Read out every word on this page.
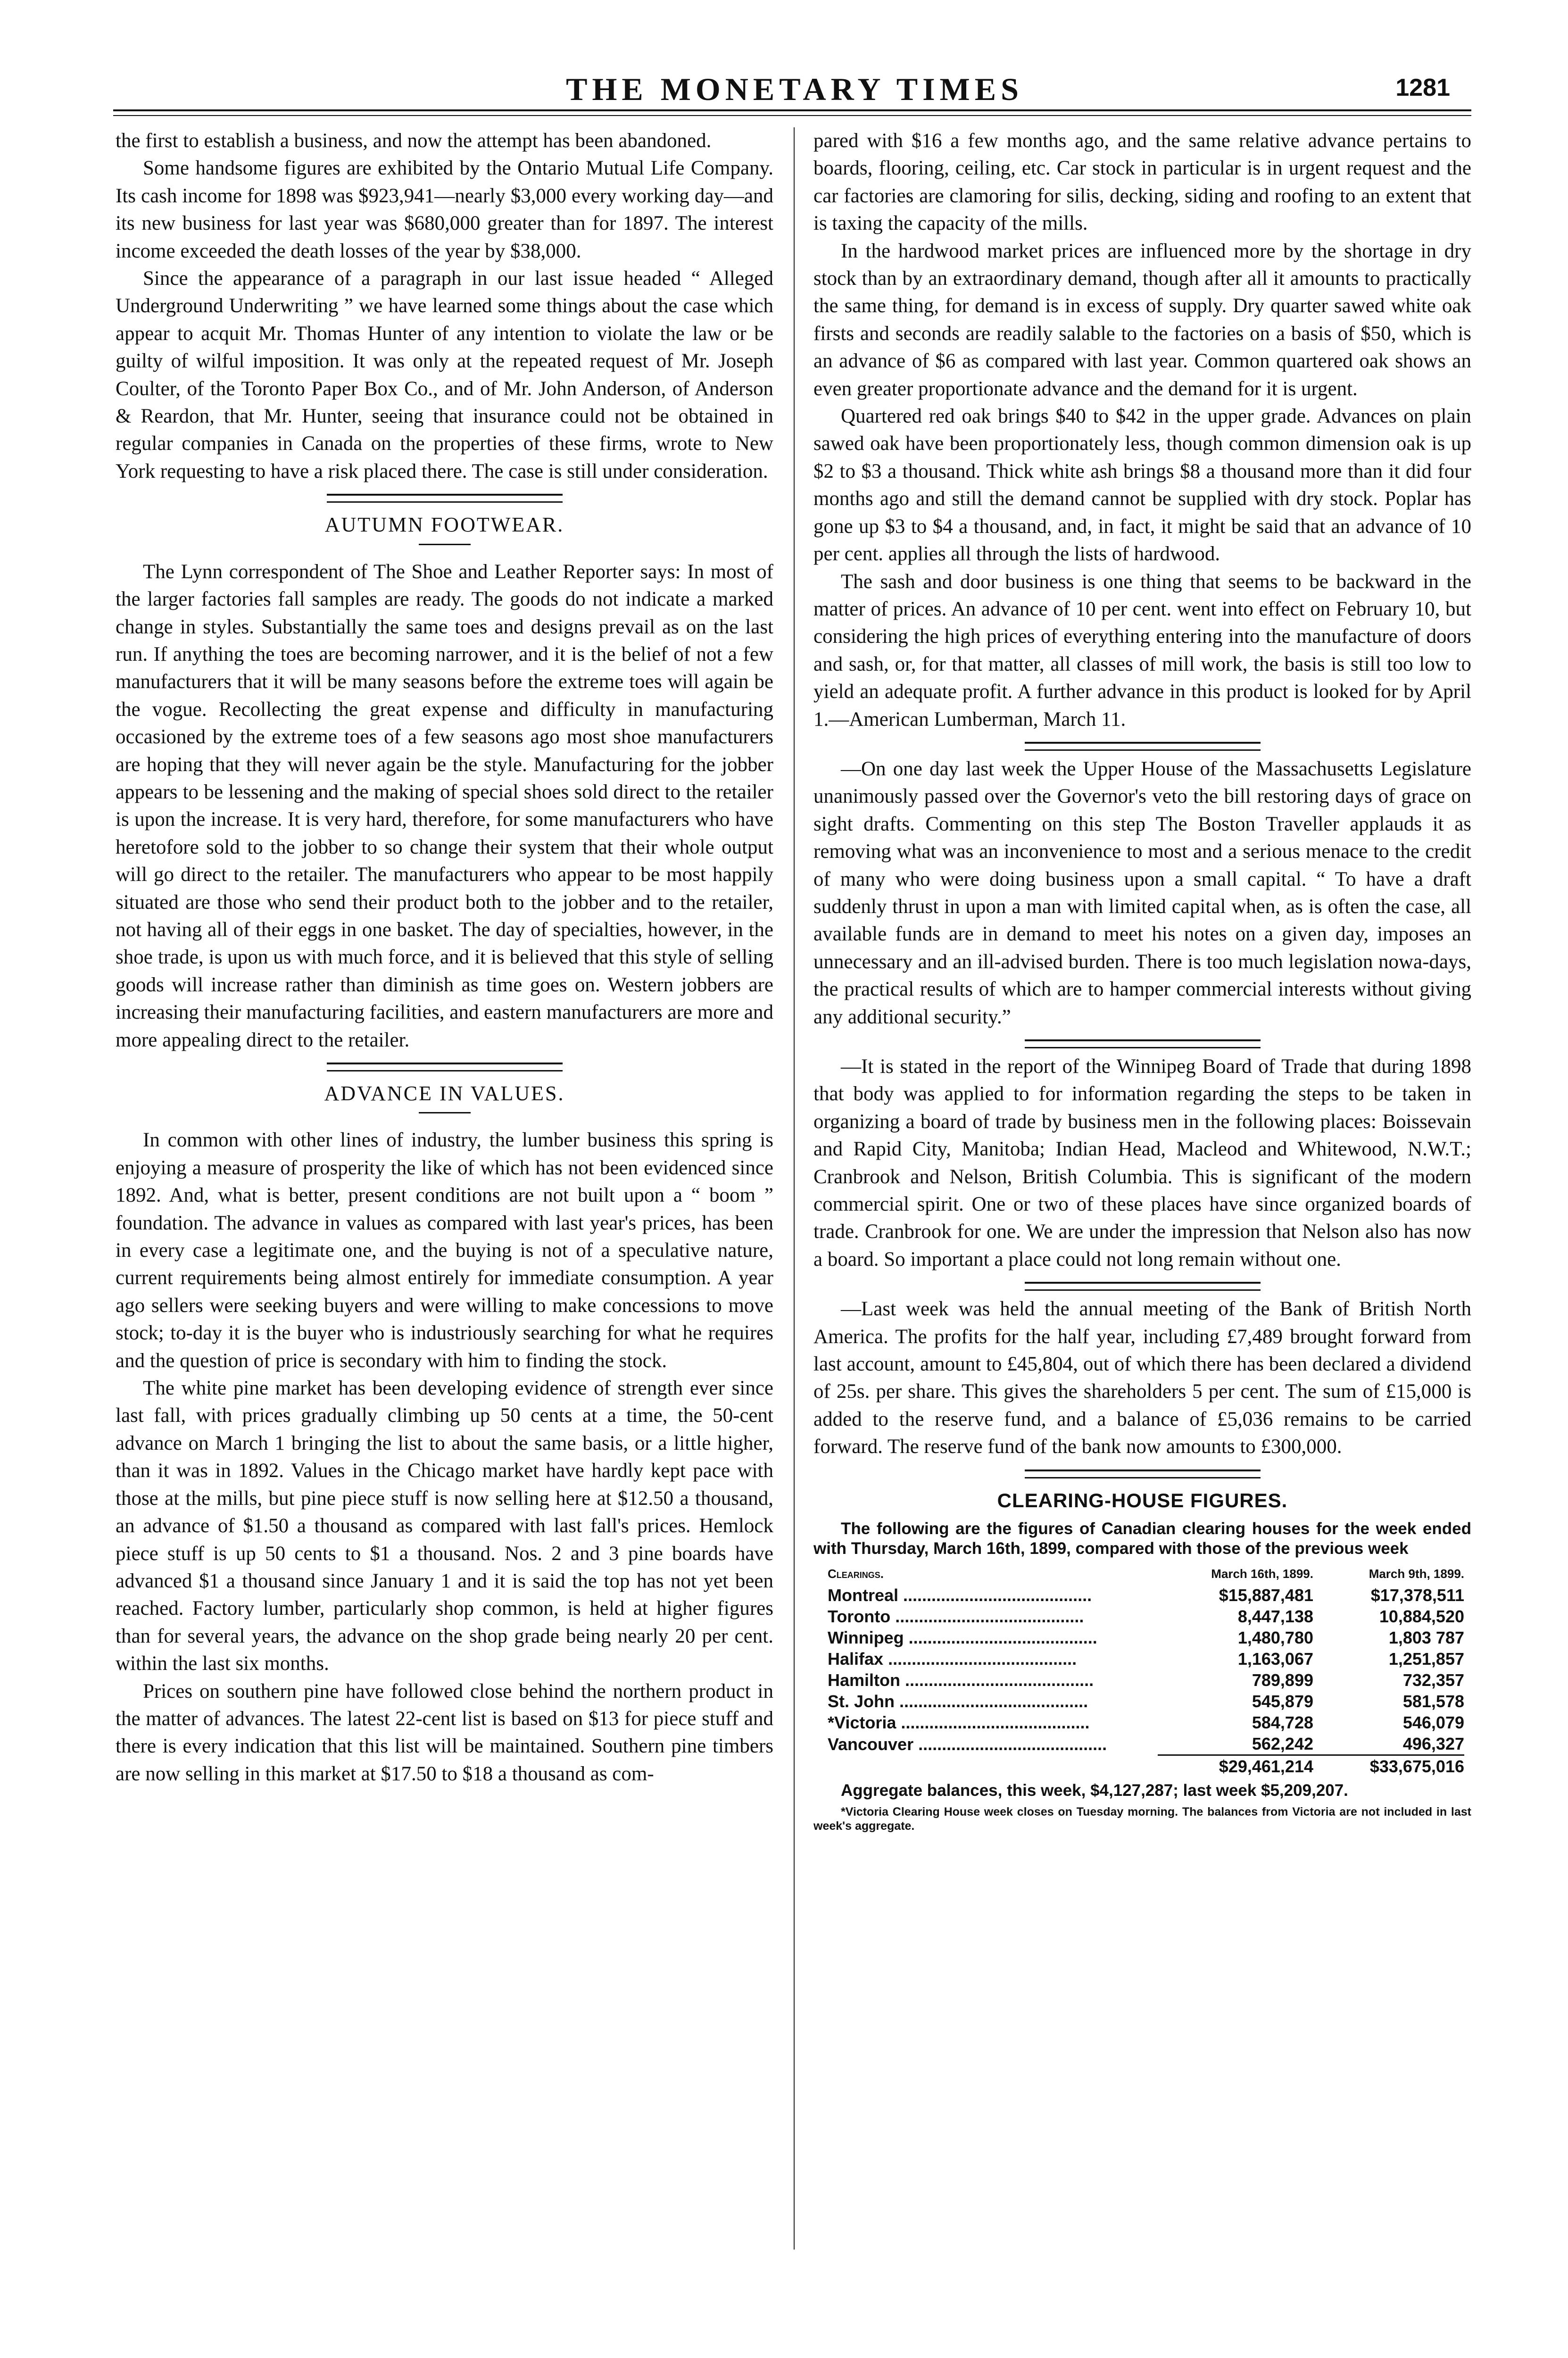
THE MONETARY TIMES	1281

the first to establish a business, and now the attempt has been abandoned.

Some handsome figures are exhibited by the Ontario Mutual Life Company. Its cash income for 1898 was $923,941—nearly $3,000 every working day—and its new business for last year was $680,000 greater than for 1897. The interest income exceeded the death losses of the year by $38,000.

Since the appearance of a paragraph in our last issue headed “ Alleged Underground Underwriting ” we have learned some things about the case which appear to acquit Mr. Thomas Hunter of any intention to violate the law or be guilty of wilful imposition. It was only at the repeated request of Mr. Joseph Coulter, of the Toronto Paper Box Co., and of Mr. John Anderson, of Anderson & Reardon, that Mr. Hunter, seeing that insurance could not be obtained in regular companies in Canada on the properties of these firms, wrote to New York requesting to have a risk placed there. The case is still under consideration.

AUTUMN FOOTWEAR.

The Lynn correspondent of The Shoe and Leather Reporter says: In most of the larger factories fall samples are ready. The goods do not indicate a marked change in styles. Substantially the same toes and designs prevail as on the last run. If anything the toes are becoming narrower, and it is the belief of not a few manufacturers that it will be many seasons before the extreme toes will again be the vogue. Recollecting the great expense and difficulty in manufacturing occasioned by the extreme toes of a few seasons ago most shoe manufacturers are hoping that they will never again be the style. Manufacturing for the jobber appears to be lessening and the making of special shoes sold direct to the retailer is upon the increase. It is very hard, therefore, for some manufacturers who have heretofore sold to the jobber to so change their system that their whole output will go direct to the retailer. The manufacturers who appear to be most happily situated are those who send their product both to the jobber and to the retailer, not having all of their eggs in one basket. The day of specialties, however, in the shoe trade, is upon us with much force, and it is believed that this style of selling goods will increase rather than diminish as time goes on. Western jobbers are increasing their manufacturing facilities, and eastern manufacturers are more and more appealing direct to the retailer.

ADVANCE IN VALUES.

In common with other lines of industry, the lumber business this spring is enjoying a measure of prosperity the like of which has not been evidenced since 1892. And, what is better, present conditions are not built upon a “ boom ” foundation. The advance in values as compared with last year's prices, has been in every case a legitimate one, and the buying is not of a speculative nature, current requirements being almost entirely for immediate consumption. A year ago sellers were seeking buyers and were willing to make concessions to move stock; to-day it is the buyer who is industriously searching for what he requires and the question of price is secondary with him to finding the stock.

The white pine market has been developing evidence of strength ever since last fall, with prices gradually climbing up 50 cents at a time, the 50-cent advance on March 1 bringing the list to about the same basis, or a little higher, than it was in 1892. Values in the Chicago market have hardly kept pace with those at the mills, but pine piece stuff is now selling here at $12.50 a thousand, an advance of $1.50 a thousand as compared with last fall's prices. Hemlock piece stuff is up 50 cents to $1 a thousand. Nos. 2 and 3 pine boards have advanced $1 a thousand since January 1 and it is said the top has not yet been reached. Factory lumber, particularly shop common, is held at higher figures than for several years, the advance on the shop grade being nearly 20 per cent. within the last six months.

Prices on southern pine have followed close behind the northern product in the matter of advances. The latest 22-cent list is based on $13 for piece stuff and there is every indication that this list will be maintained. Southern pine timbers are now selling in this market at $17.50 to $18 a thousand as com-

pared with $16 a few months ago, and the same relative advance pertains to boards, flooring, ceiling, etc. Car stock in particular is in urgent request and the car factories are clamoring for silis, decking, siding and roofing to an extent that is taxing the capacity of the mills.

In the hardwood market prices are influenced more by the shortage in dry stock than by an extraordinary demand, though after all it amounts to practically the same thing, for demand is in excess of supply. Dry quarter sawed white oak firsts and seconds are readily salable to the factories on a basis of $50, which is an advance of $6 as compared with last year. Common quartered oak shows an even greater proportionate advance and the demand for it is urgent.

Quartered red oak brings $40 to $42 in the upper grade. Advances on plain sawed oak have been proportionately less, though common dimension oak is up $2 to $3 a thousand. Thick white ash brings $8 a thousand more than it did four months ago and still the demand cannot be supplied with dry stock. Poplar has gone up $3 to $4 a thousand, and, in fact, it might be said that an advance of 10 per cent. applies all through the lists of hardwood.

The sash and door business is one thing that seems to be backward in the matter of prices. An advance of 10 per cent. went into effect on February 10, but considering the high prices of everything entering into the manufacture of doors and sash, or, for that matter, all classes of mill work, the basis is still too low to yield an adequate profit. A further advance in this product is looked for by April 1.—American Lumberman, March 11.

—On one day last week the Upper House of the Massachusetts Legislature unanimously passed over the Governor's veto the bill restoring days of grace on sight drafts. Commenting on this step The Boston Traveller applauds it as removing what was an inconvenience to most and a serious menace to the credit of many who were doing business upon a small capital. “ To have a draft suddenly thrust in upon a man with limited capital when, as is often the case, all available funds are in demand to meet his notes on a given day, imposes an unnecessary and an ill-advised burden. There is too much legislation nowa-days, the practical results of which are to hamper commercial interests without giving any additional security.”

—It is stated in the report of the Winnipeg Board of Trade that during 1898 that body was applied to for information regarding the steps to be taken in organizing a board of trade by business men in the following places: Boissevain and Rapid City, Manitoba; Indian Head, Macleod and Whitewood, N.W.T.; Cranbrook and Nelson, British Columbia. This is significant of the modern commercial spirit. One or two of these places have since organized boards of trade. Cranbrook for one. We are under the impression that Nelson also has now a board. So important a place could not long remain without one.

—Last week was held the annual meeting of the Bank of British North America. The profits for the half year, including £7,489 brought forward from last account, amount to £45,804, out of which there has been declared a dividend of 25s. per share. This gives the shareholders 5 per cent. The sum of £15,000 is added to the reserve fund, and a balance of £5,036 remains to be carried forward. The reserve fund of the bank now amounts to £300,000.

CLEARING-HOUSE FIGURES.

The following are the figures of Canadian clearing houses for the week ended with Thursday, March 16th, 1899, compared with those of the previous week

Clearings.	March 16th, 1899.	March 9th, 1899.
Montreal ........................................	$15,887,481	$17,378,511
Toronto ........................................	8,447,138	10,884,520
Winnipeg ........................................	1,480,780	1,803 787
Halifax ........................................	1,163,067	1,251,857
Hamilton ........................................	789,899	732,357
St. John ........................................	545,879	581,578
*Victoria ........................................	584,728	546,079
Vancouver ........................................	562,242	496,327
	$29,461,214	$33,675,016

Aggregate balances, this week, $4,127,287; last week $5,209,207.

*Victoria Clearing House week closes on Tuesday morning. The balances from Victoria are not included in last week's aggregate.
